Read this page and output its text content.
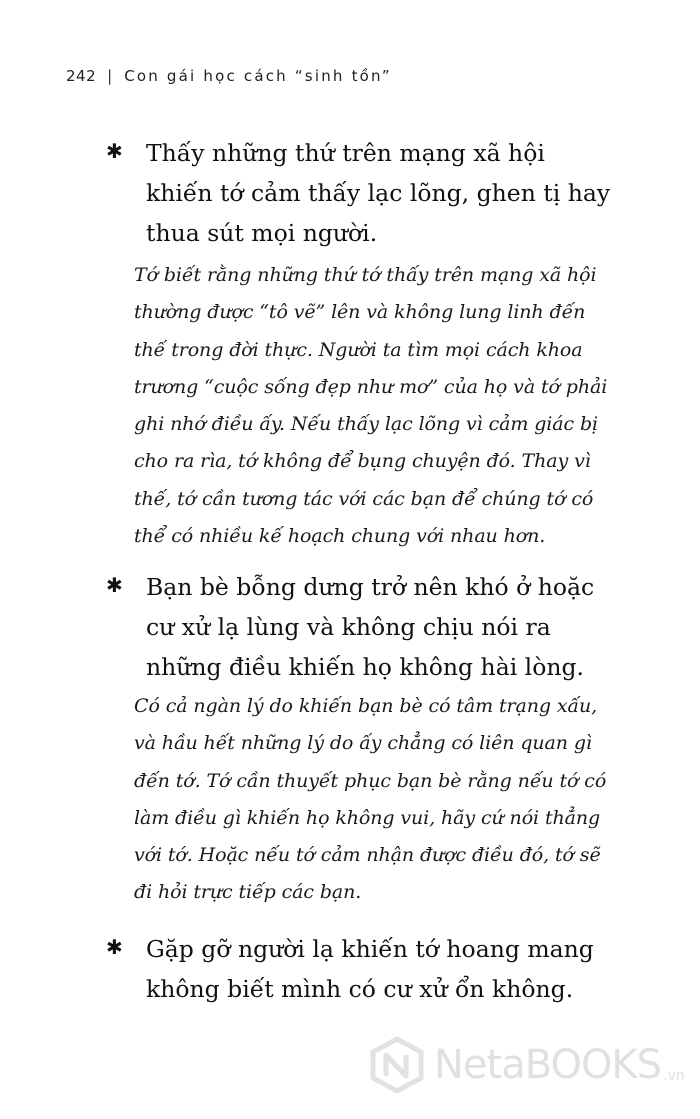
242 | Con gái học cách “sinh tồn”
✱ Thấy những thứ trên mạng xã hội khiến tớ cảm thấy lạc lõng, ghen tị hay thua sút mọi người.
Tớ biết rằng những thứ tớ thấy trên mạng xã hội thường được “tô vẽ” lên và không lung linh đến thế trong đời thực. Người ta tìm mọi cách khoa trương “cuộc sống đẹp như mơ” của họ và tớ phải ghi nhớ điều ấy. Nếu thấy lạc lõng vì cảm giác bị cho ra rìa, tớ không để bụng chuyện đó. Thay vì thế, tớ cần tương tác với các bạn để chúng tớ có thể có nhiều kế hoạch chung với nhau hơn.
✱ Bạn bè bỗng dưng trở nên khó ở hoặc cư xử lạ lùng và không chịu nói ra những điều khiến họ không hài lòng.
Có cả ngàn lý do khiến bạn bè có tâm trạng xấu, và hầu hết những lý do ấy chẳng có liên quan gì đến tớ. Tớ cần thuyết phục bạn bè rằng nếu tớ có làm điều gì khiến họ không vui, hãy cứ nói thẳng với tớ. Hoặc nếu tớ cảm nhận được điều đó, tớ sẽ đi hỏi trực tiếp các bạn.
✱ Gặp gỡ người lạ khiến tớ hoang mang không biết mình có cư xử ổn không.
NetaBOOKS .vn
